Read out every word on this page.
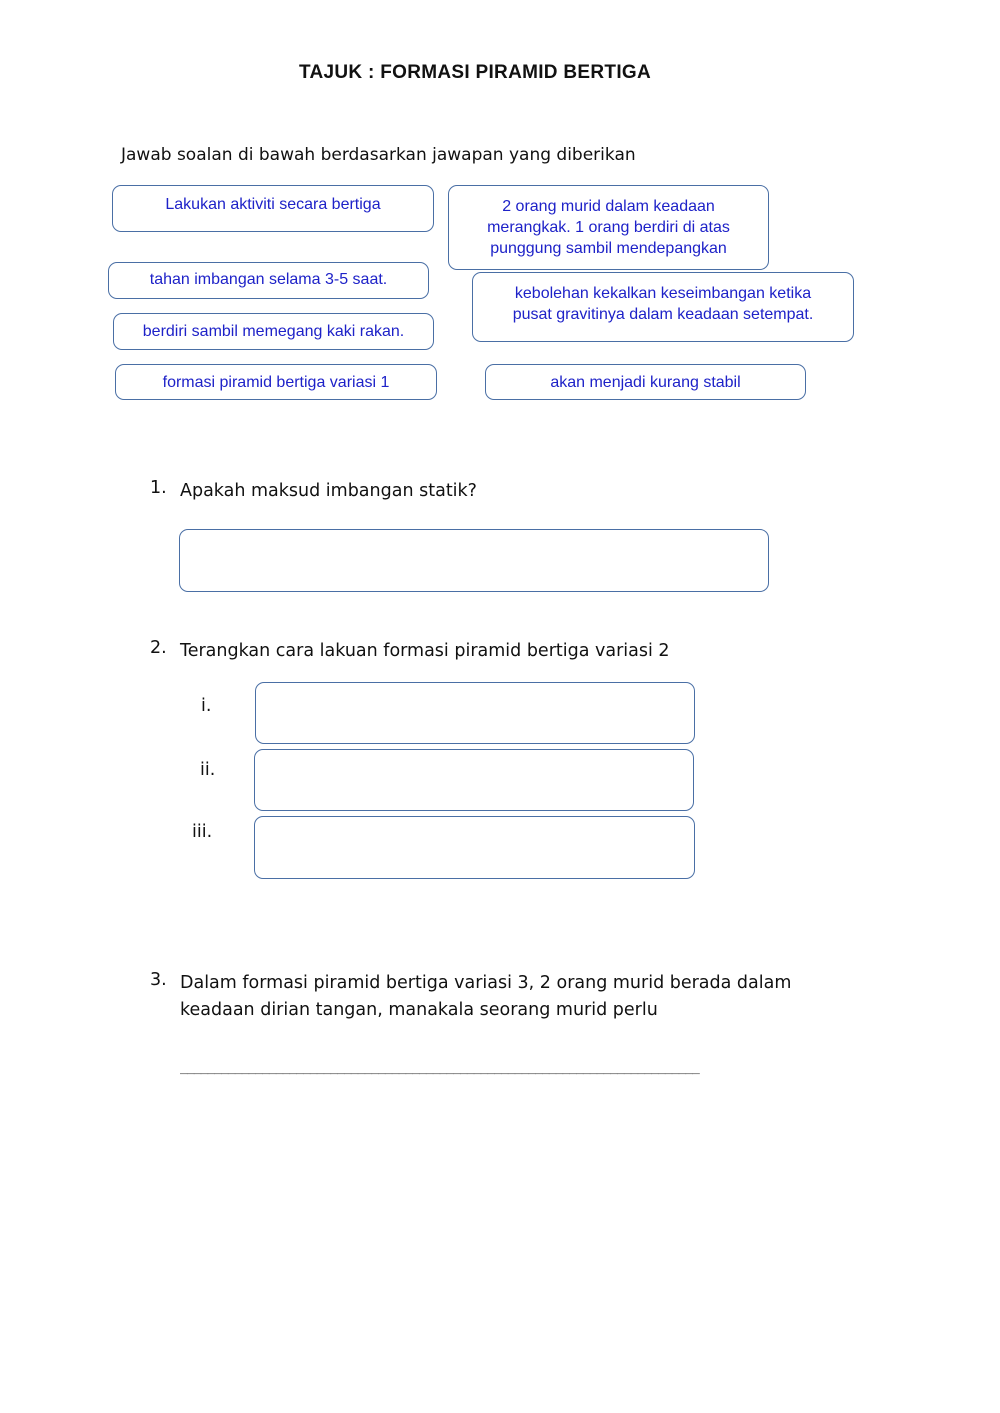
TAJUK : FORMASI PIRAMID BERTIGA
Jawab soalan di bawah berdasarkan jawapan yang diberikan
Lakukan aktiviti secara bertiga	2 orang murid dalam keadaan merangkak. 1 orang berdiri di atas punggung sambil mendepangkan
tahan imbangan selama 3-5 saat.
kebolehan kekalkan keseimbangan ketika pusat gravitinya dalam keadaan setempat.
berdiri sambil memegang kaki rakan.
formasi piramid bertiga variasi 1	akan menjadi kurang stabil
1. Apakah maksud imbangan statik?
2. Terangkan cara lakuan formasi piramid bertiga variasi 2
i.
ii.
iii.
3. Dalam formasi piramid bertiga variasi 3, 2 orang murid berada dalam keadaan dirian tangan, manakala seorang murid perlu
____________________________________________________________________________
